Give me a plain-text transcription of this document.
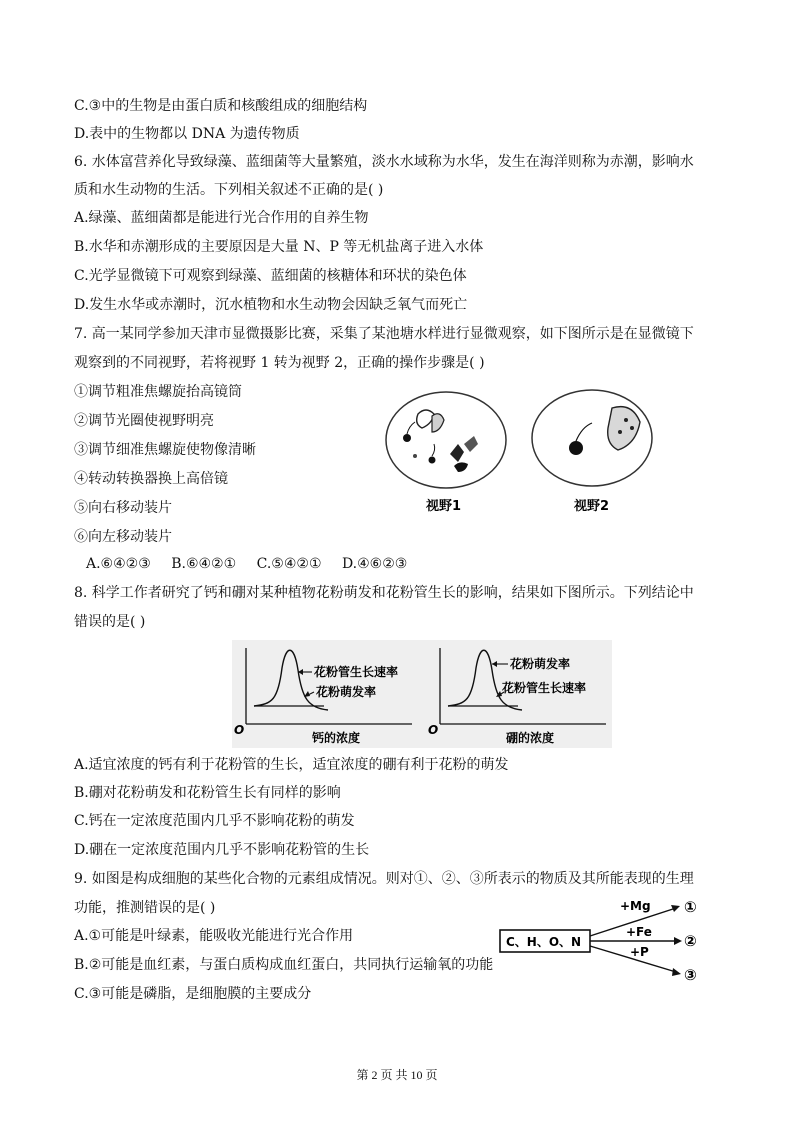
C.③中的生物是由蛋白质和核酸组成的细胞结构
D.表中的生物都以 DNA 为遗传物质
6. 水体富营养化导致绿藻、蓝细菌等大量繁殖，淡水水域称为水华，发生在海洋则称为赤潮，影响水
质和水生动物的生活。下列相关叙述不正确的是( )
A.绿藻、蓝细菌都是能进行光合作用的自养生物
B.水华和赤潮形成的主要原因是大量 N、P 等无机盐离子进入水体
C.光学显微镜下可观察到绿藻、蓝细菌的核糖体和环状的染色体
D.发生水华或赤潮时，沉水植物和水生动物会因缺乏氧气而死亡
7. 高一某同学参加天津市显微摄影比赛，采集了某池塘水样进行显微观察，如下图所示是在显微镜下
观察到的不同视野，若将视野 1 转为视野 2，正确的操作步骤是( )
①调节粗准焦螺旋抬高镜筒
②调节光圈使视野明亮
③调节细准焦螺旋使物像清晰
④转动转换器换上高倍镜
⑤向右移动装片
⑥向左移动装片
A.⑥④②③ B.⑥④②① C.⑤④②① D.④⑥②③
8. 科学工作者研究了钙和硼对某种植物花粉萌发和花粉管生长的影响，结果如下图所示。下列结论中
错误的是( )
A.适宜浓度的钙有利于花粉管的生长，适宜浓度的硼有利于花粉的萌发
B.硼对花粉萌发和花粉管生长有同样的影响
C.钙在一定浓度范围内几乎不影响花粉的萌发
D.硼在一定浓度范围内几乎不影响花粉管的生长
9. 如图是构成细胞的某些化合物的元素组成情况。则对①、②、③所表示的物质及其所能表现的生理
功能，推测错误的是( )
A.①可能是叶绿素，能吸收光能进行光合作用
B.②可能是血红素，与蛋白质构成血红蛋白，共同执行运输氧的功能
C.③可能是磷脂，是细胞膜的主要成分
视野1	视野2
花粉管生长速率
花粉萌发率
O
钙的浓度
花粉萌发率
花粉管生长速率
O
硼的浓度
C、H、O、N
+Mg ①
+Fe ②
+P
③
第 2 页 共 10 页
